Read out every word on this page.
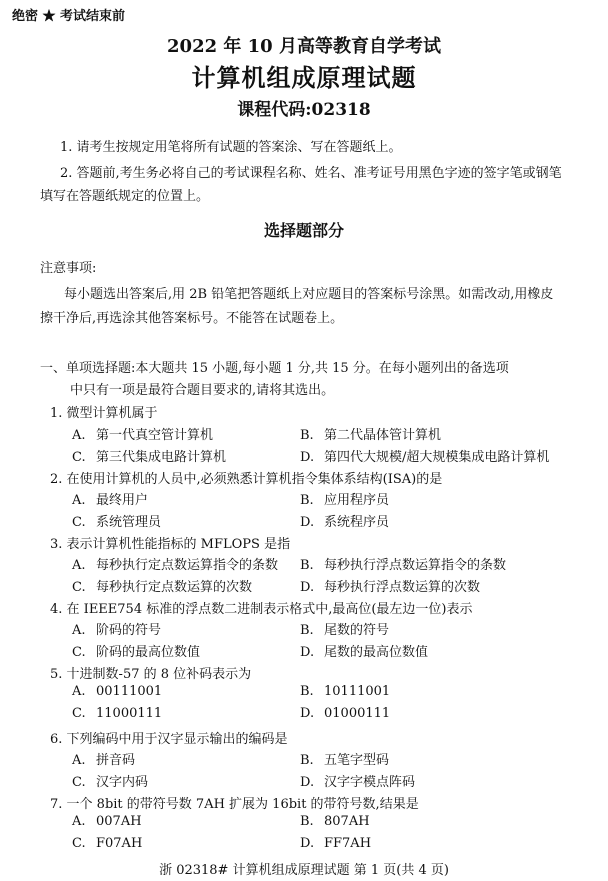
绝密 ★ 考试结束前
2022 年 10 月高等教育自学考试
计算机组成原理试题
课程代码:02318
1. 请考生按规定用笔将所有试题的答案涂、写在答题纸上。
2. 答题前,考生务必将自己的考试课程名称、姓名、准考证号用黑色字迹的签字笔或钢笔
填写在答题纸规定的位置上。
选择题部分
注意事项:
每小题选出答案后,用 2B 铅笔把答题纸上对应题目的答案标号涂黑。如需改动,用橡皮
擦干净后,再选涂其他答案标号。不能答在试题卷上。
一、单项选择题:本大题共 15 小题,每小题 1 分,共 15 分。在每小题列出的备选项
中只有一项是最符合题目要求的,请将其选出。
1. 微型计算机属于
A. 第一代真空管计算机	B. 第二代晶体管计算机
C. 第三代集成电路计算机	D. 第四代大规模/超大规模集成电路计算机
2. 在使用计算机的人员中,必须熟悉计算机指令集体系结构(ISA)的是
A. 最终用户	B. 应用程序员
C. 系统管理员	D. 系统程序员
3. 表示计算机性能指标的 MFLOPS 是指
A. 每秒执行定点数运算指令的条数 B. 每秒执行浮点数运算指令的条数
C. 每秒执行定点数运算的次数	D. 每秒执行浮点数运算的次数
4. 在 IEEE754 标准的浮点数二进制表示格式中,最高位(最左边一位)表示
A. 阶码的符号	B. 尾数的符号
C. 阶码的最高位数值	D. 尾数的最高位数值
5. 十进制数-57 的 8 位补码表示为
A. 00111001	B. 10111001
C. 11000111	D. 01000111
6. 下列编码中用于汉字显示输出的编码是
A. 拼音码	B. 五笔字型码
C. 汉字内码	D. 汉字字模点阵码
7. 一个 8bit 的带符号数 7AH 扩展为 16bit 的带符号数,结果是
A. 007AH	B. 807AH
C. F07AH	D. FF7AH
浙 02318# 计算机组成原理试题 第 1 页(共 4 页)
